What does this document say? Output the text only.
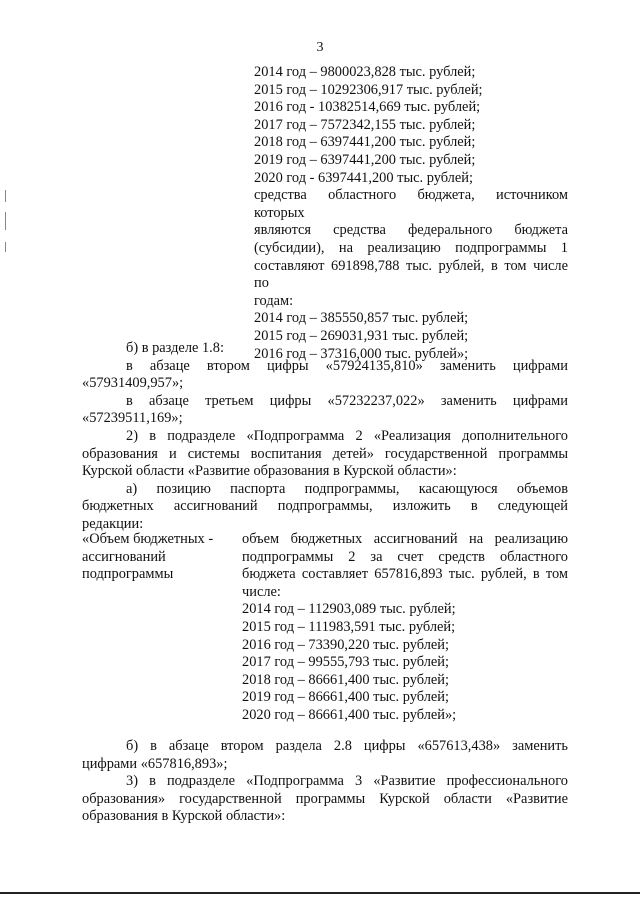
3
2014 год – 9800023,828 тыс. рублей;
2015 год – 10292306,917 тыс. рублей;
2016 год - 10382514,669 тыс. рублей;
2017 год – 7572342,155 тыс. рублей;
2018 год – 6397441,200 тыс. рублей;
2019 год – 6397441,200 тыс. рублей;
2020 год - 6397441,200 тыс. рублей;
средства областного бюджета, источником которых
являются средства федерального бюджета
(субсидии), на реализацию подпрограммы 1
составляют 691898,788 тыс. рублей, в том числе по
годам:
2014 год – 385550,857 тыс. рублей;
2015 год – 269031,931 тыс. рублей;
2016 год – 37316,000 тыс. рублей»;
б) в разделе 1.8:
в абзаце втором цифры «57924135,810» заменить цифрами
«57931409,957»;
в абзаце третьем цифры «57232237,022» заменить цифрами
«57239511,169»;
2) в подразделе «Подпрограмма 2 «Реализация дополнительного
образования и системы воспитания детей» государственной программы
Курской области «Развитие образования в Курской области»:
а) позицию паспорта подпрограммы, касающуюся объемов
бюджетных ассигнований подпрограммы, изложить в следующей
редакции:
«Объем бюджетных -
ассигнований
подпрограммы
объем бюджетных ассигнований на реализацию
подпрограммы 2 за счет средств областного
бюджета составляет 657816,893 тыс. рублей, в том
числе:
2014 год – 112903,089 тыс. рублей;
2015 год – 111983,591 тыс. рублей;
2016 год – 73390,220 тыс. рублей;
2017 год – 99555,793 тыс. рублей;
2018 год – 86661,400 тыс. рублей;
2019 год – 86661,400 тыс. рублей;
2020 год – 86661,400 тыс. рублей»;
б) в абзаце втором раздела 2.8 цифры «657613,438» заменить
цифрами «657816,893»;
3) в подразделе «Подпрограмма 3 «Развитие профессионального
образования» государственной программы Курской области «Развитие
образования в Курской области»:
